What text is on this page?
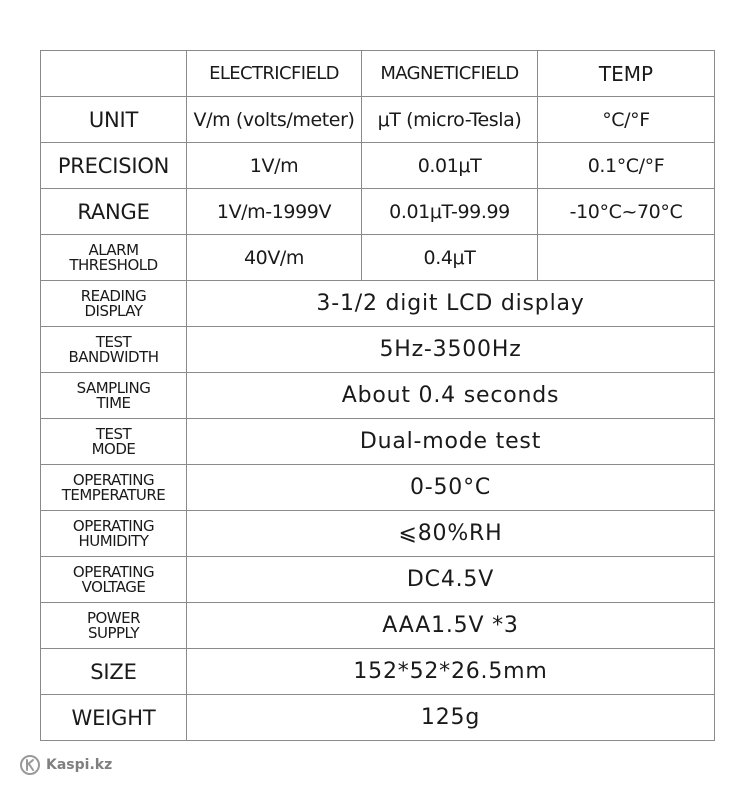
	ELECTRICFIELD	MAGNETICFIELD	TEMP
UNIT	V/m (volts/meter)	μT (micro-Tesla)	°C/°F
PRECISION	1V/m	0.01μT	0.1°C/°F
RANGE	1V/m-1999V	0.01μT-99.99	-10°C~70°C

ALARM
THRESHOLD	40V/m	0.4μT	

READING
DISPLAY	3-1/2 digit LCD display		

TEST
BANDWIDTH	5Hz-3500Hz		

SAMPLING
TIME	About 0.4 seconds		

TEST
MODE	Dual-mode test		

OPERATING
TEMPERATURE	0-50°C		

OPERATING
HUMIDITY	⩽80%RH		

OPERATING
VOLTAGE	DC4.5V		

POWER
SUPPLY	AAA1.5V *3		
SIZE	152*52*26.5mm		
WEIGHT	125g		
Kaspi.kz
